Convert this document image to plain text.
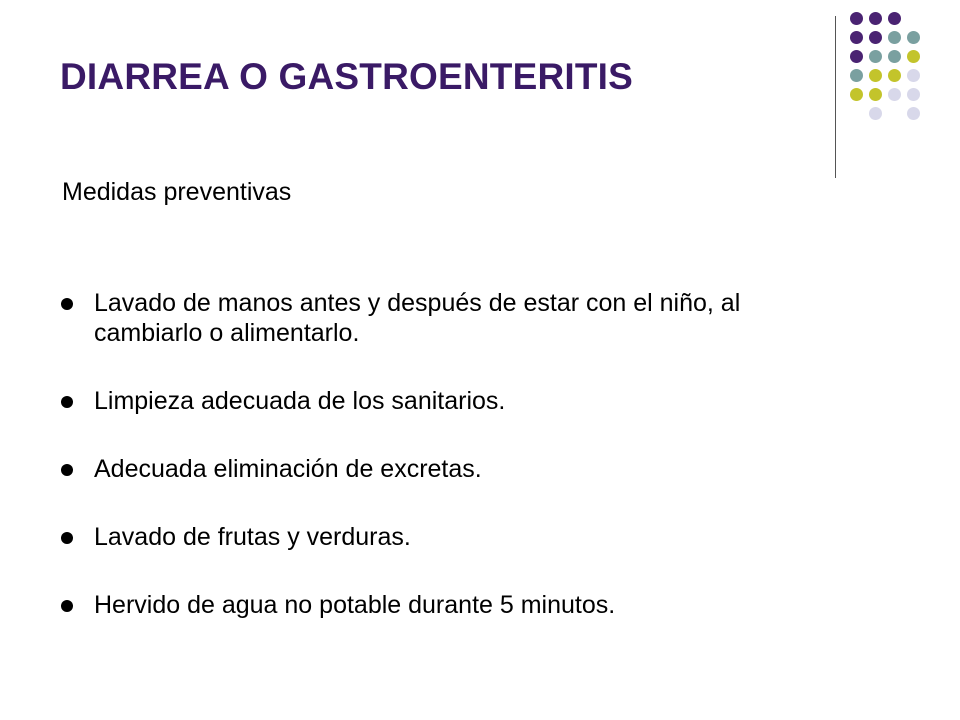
DIARREA O GASTROENTERITIS
Medidas preventivas
Lavado de manos antes y después de estar con el niño, al cambiarlo o alimentarlo.
Limpieza adecuada de los sanitarios.
Adecuada eliminación de excretas.
Lavado de frutas y verduras.
Hervido de agua no potable durante 5 minutos.
